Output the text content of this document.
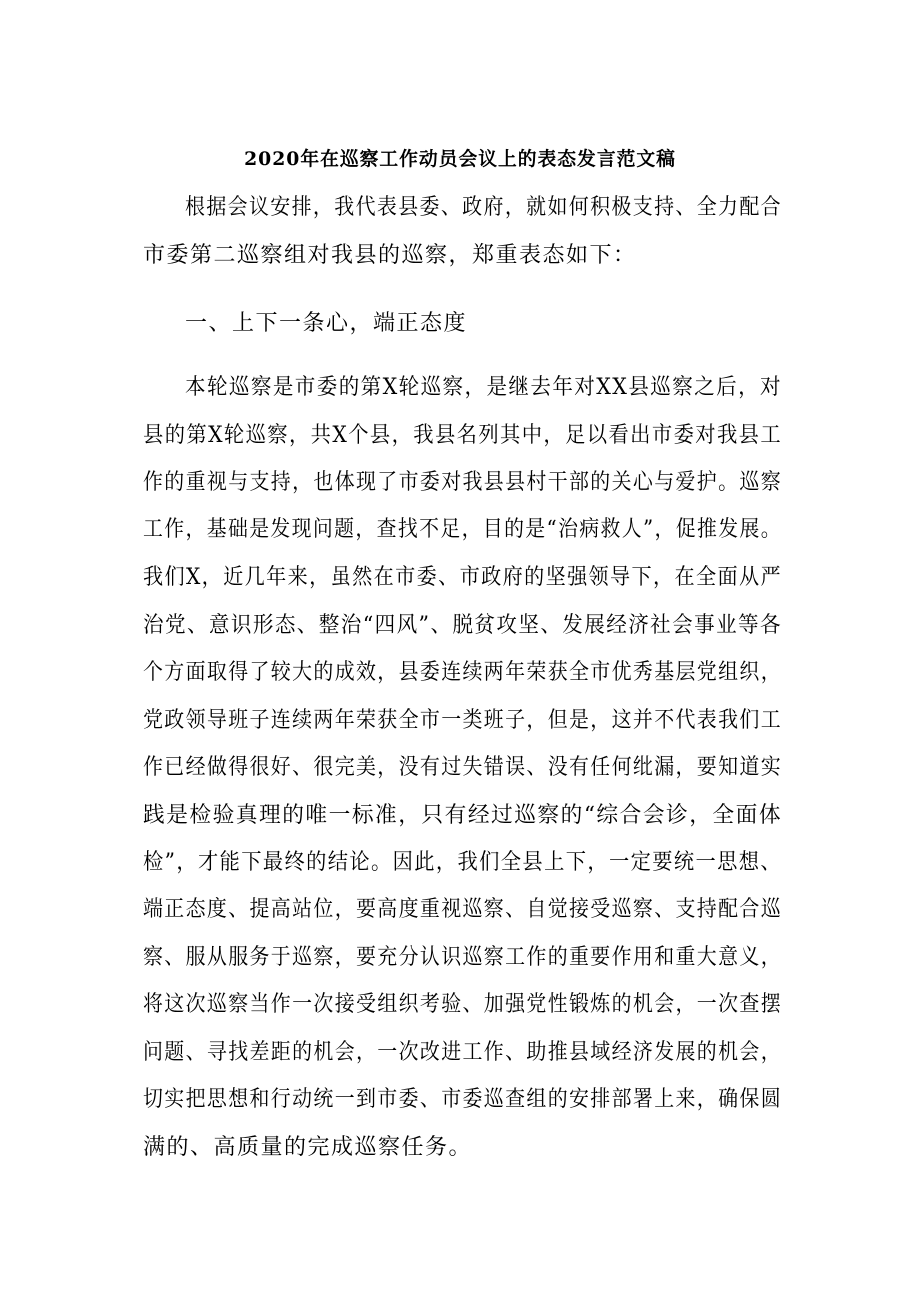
2020年在巡察工作动员会议上的表态发言范文稿
根据会议安排，我代表县委、政府，就如何积极支持、全力配合
市委第二巡察组对我县的巡察，郑重表态如下：
一、上下一条心，端正态度
本轮巡察是市委的第X轮巡察，是继去年对XX县巡察之后，对
县的第X轮巡察，共X个县，我县名列其中，足以看出市委对我县工
作的重视与支持，也体现了市委对我县县村干部的关心与爱护。巡察
工作，基础是发现问题，查找不足，目的是“治病救人”，促推发展。
我们X，近几年来，虽然在市委、市政府的坚强领导下，在全面从严
治党、意识形态、整治“四风”、脱贫攻坚、发展经济社会事业等各
个方面取得了较大的成效，县委连续两年荣获全市优秀基层党组织，
党政领导班子连续两年荣获全市一类班子，但是，这并不代表我们工
作已经做得很好、很完美，没有过失错误、没有任何纰漏，要知道实
践是检验真理的唯一标准，只有经过巡察的“综合会诊，全面体
检”，才能下最终的结论。因此，我们全县上下，一定要统一思想、
端正态度、提高站位，要高度重视巡察、自觉接受巡察、支持配合巡
察、服从服务于巡察，要充分认识巡察工作的重要作用和重大意义，
将这次巡察当作一次接受组织考验、加强党性锻炼的机会，一次查摆
问题、寻找差距的机会，一次改进工作、助推县域经济发展的机会，
切实把思想和行动统一到市委、市委巡查组的安排部署上来，确保圆
满的、高质量的完成巡察任务。
